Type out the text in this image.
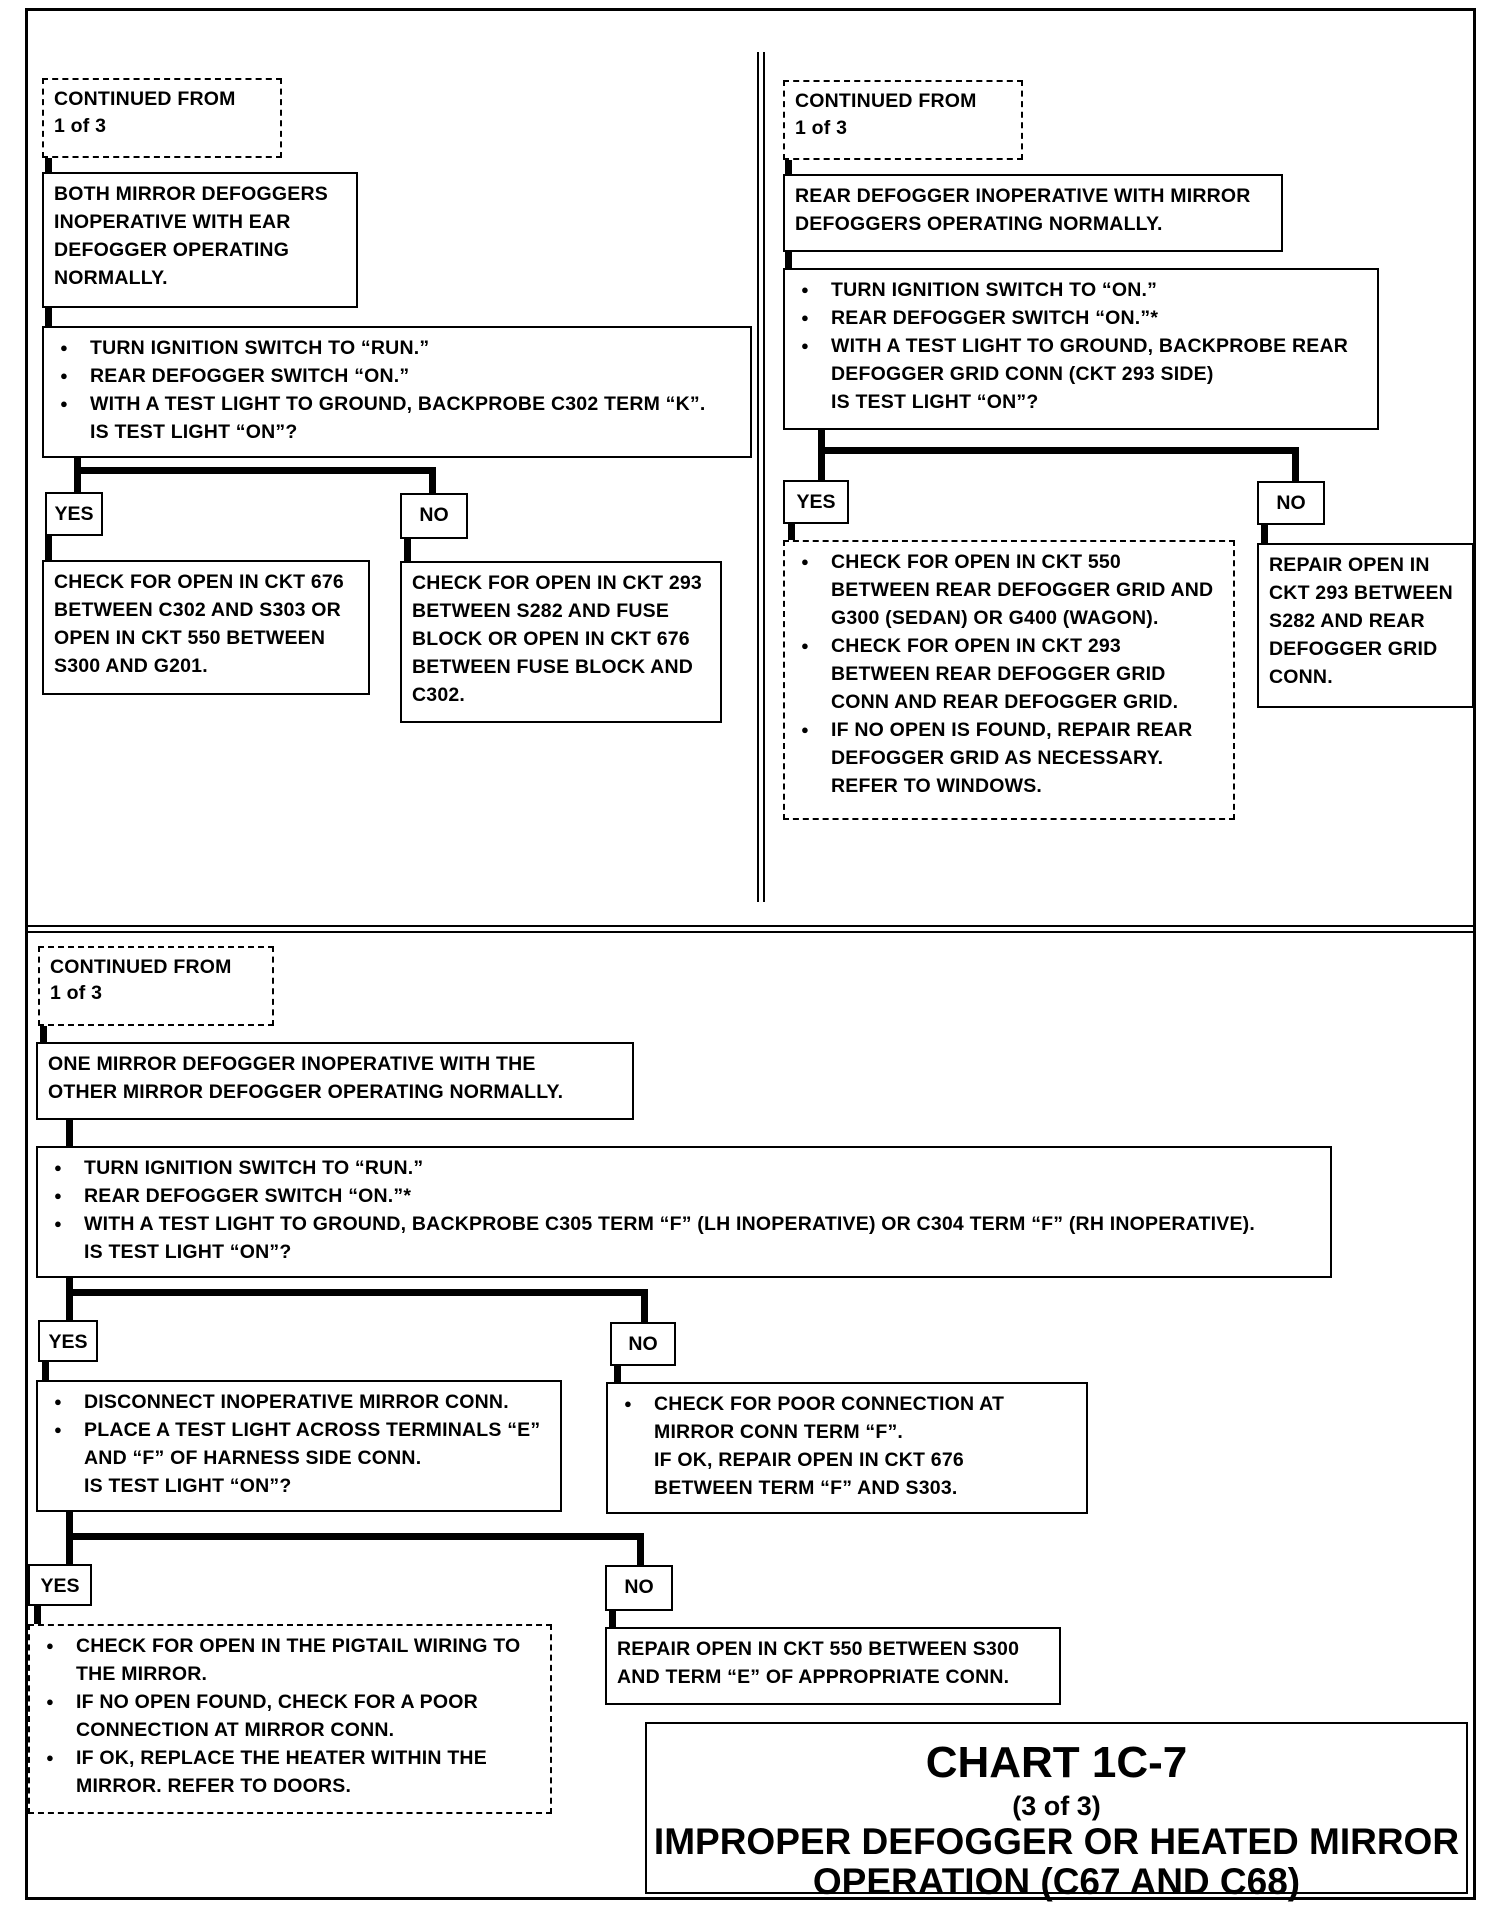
CONTINUED FROM
1 of 3
BOTH MIRROR DEFOGGERS
INOPERATIVE WITH EAR
DEFOGGER OPERATING
NORMALLY.
● TURN IGNITION SWITCH TO “RUN.”
● REAR DEFOGGER SWITCH “ON.”
● WITH A TEST LIGHT TO GROUND, BACKPROBE C302 TERM “K”.
IS TEST LIGHT “ON”?
YES	NO
CHECK FOR OPEN IN CKT 676
BETWEEN C302 AND S303 OR
OPEN IN CKT 550 BETWEEN
S300 AND G201.
CHECK FOR OPEN IN CKT 293
BETWEEN S282 AND FUSE
BLOCK OR OPEN IN CKT 676
BETWEEN FUSE BLOCK AND
C302.
CONTINUED FROM
1 of 3
REAR DEFOGGER INOPERATIVE WITH MIRROR
DEFOGGERS OPERATING NORMALLY.
● TURN IGNITION SWITCH TO “ON.”
● REAR DEFOGGER SWITCH “ON.”*
● WITH A TEST LIGHT TO GROUND, BACKPROBE REAR
DEFOGGER GRID CONN (CKT 293 SIDE)
IS TEST LIGHT “ON”?
YES	NO
● CHECK FOR OPEN IN CKT 550
BETWEEN REAR DEFOGGER GRID AND
G300 (SEDAN) OR G400 (WAGON).
● CHECK FOR OPEN IN CKT 293
BETWEEN REAR DEFOGGER GRID
CONN AND REAR DEFOGGER GRID.
● IF NO OPEN IS FOUND, REPAIR REAR
DEFOGGER GRID AS NECESSARY.
REFER TO WINDOWS.
REPAIR OPEN IN
CKT 293 BETWEEN
S282 AND REAR
DEFOGGER GRID
CONN.
CONTINUED FROM
1 of 3
ONE MIRROR DEFOGGER INOPERATIVE WITH THE
OTHER MIRROR DEFOGGER OPERATING NORMALLY.
● TURN IGNITION SWITCH TO “RUN.”
● REAR DEFOGGER SWITCH “ON.”*
● WITH A TEST LIGHT TO GROUND, BACKPROBE C305 TERM “F” (LH INOPERATIVE) OR C304 TERM “F” (RH INOPERATIVE).
IS TEST LIGHT “ON”?
YES	NO
● DISCONNECT INOPERATIVE MIRROR CONN.
● PLACE A TEST LIGHT ACROSS TERMINALS “E”
AND “F” OF HARNESS SIDE CONN.
IS TEST LIGHT “ON”?
● CHECK FOR POOR CONNECTION AT
MIRROR CONN TERM “F”.
IF OK, REPAIR OPEN IN CKT 676
BETWEEN TERM “F” AND S303.
YES	NO
● CHECK FOR OPEN IN THE PIGTAIL WIRING TO
THE MIRROR.
● IF NO OPEN FOUND, CHECK FOR A POOR
CONNECTION AT MIRROR CONN.
● IF OK, REPLACE THE HEATER WITHIN THE
MIRROR. REFER TO DOORS.
REPAIR OPEN IN CKT 550 BETWEEN S300
AND TERM “E” OF APPROPRIATE CONN.
CHART 1C-7
(3 of 3)
IMPROPER DEFOGGER OR HEATED MIRROR
OPERATION (C67 AND C68)
